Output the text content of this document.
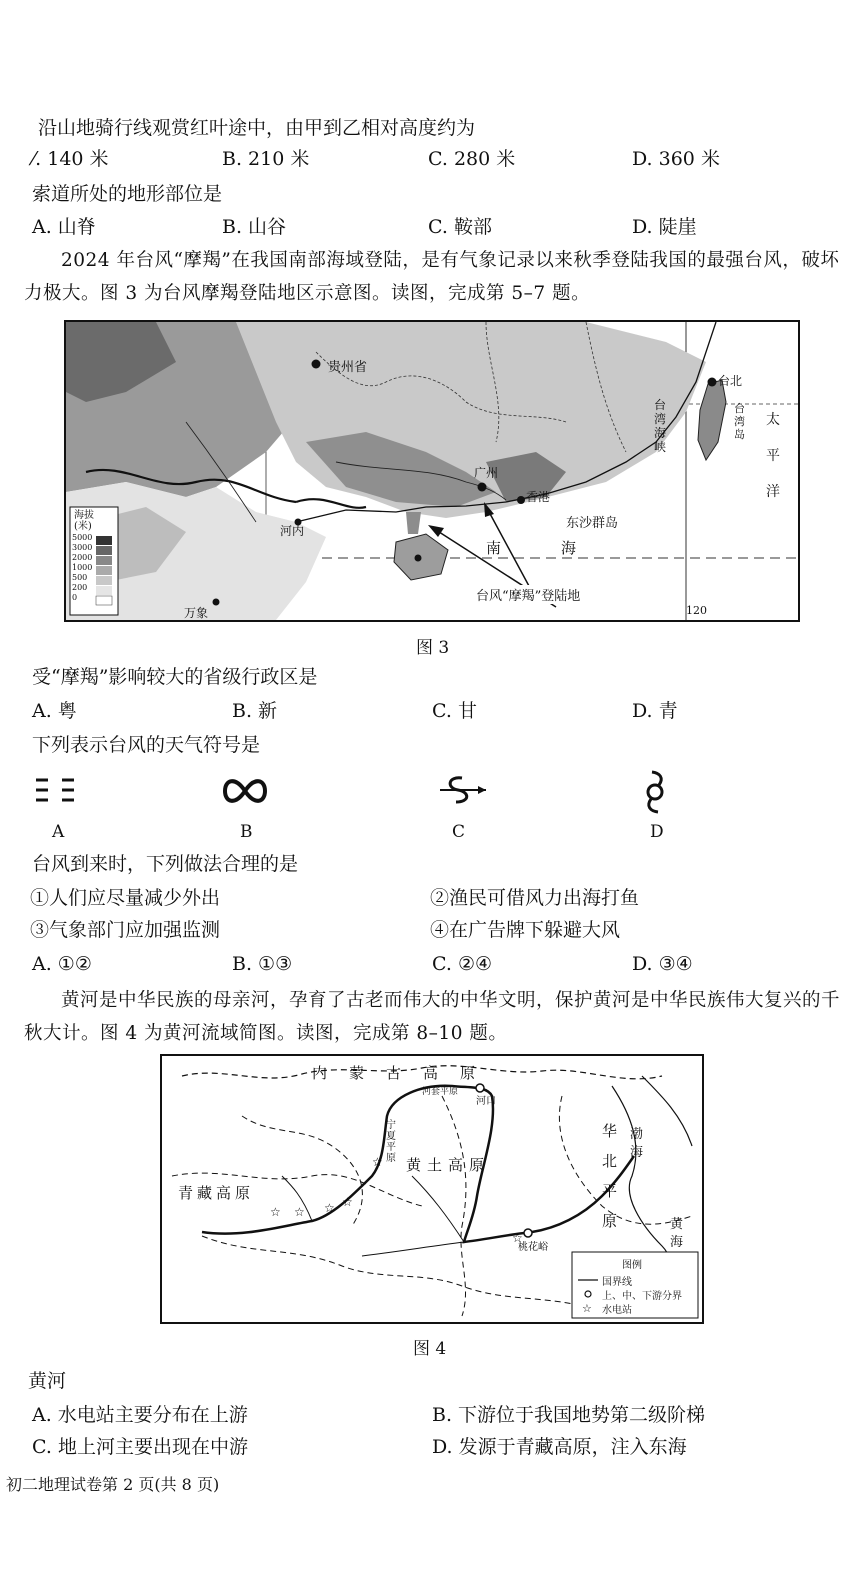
沿山地骑行线观赏红叶途中，由甲到乙相对高度约为
⁄. 140 米	B. 210 米	C. 280 米	D. 360 米
索道所处的地形部位是
A. 山脊	B. 山谷	C. 鞍部	D. 陡崖
2024 年台风“摩羯”在我国南部海域登陆，是有气象记录以来秋季登陆我国的最强台风，破坏力极大。图 3 为台风摩羯登陆地区示意图。读图，完成第 5–7 题。
贵州省
广州
香港
台北
台湾海峡
台湾岛
太平洋
东沙群岛
南海
河内
万象
台风“摩羯”登陆地
海拔(米)
5000
3000
2000
1000
500
200
0
120
图 3
受“摩羯”影响较大的省级行政区是
A. 粤	B. 新	C. 甘	D. 青
下列表示台风的天气符号是
A	B	C	D
台风到来时，下列做法合理的是
①人们应尽量减少外出	②渔民可借风力出海打鱼
③气象部门应加强监测	④在广告牌下躲避大风
A. ①②	B. ①③	C. ②④	D. ③④
黄河是中华民族的母亲河，孕育了古老而伟大的中华文明，保护黄河是中华民族伟大复兴的千秋大计。图 4 为黄河流域简图。读图，完成第 8–10 题。
☆ ☆ ☆ ☆
☆
☆
☆
内蒙古高原
黄土高原
青藏高原
华北平原
渤海
黄海
河口
桃花峪
宁夏平原
河套平原
图例
国界线
上、中、下游分界
水电站
图 4
黄河
A. 水电站主要分布在上游	B. 下游位于我国地势第二级阶梯
C. 地上河主要出现在中游	D. 发源于青藏高原，注入东海
初二地理试卷第 2 页(共 8 页)
